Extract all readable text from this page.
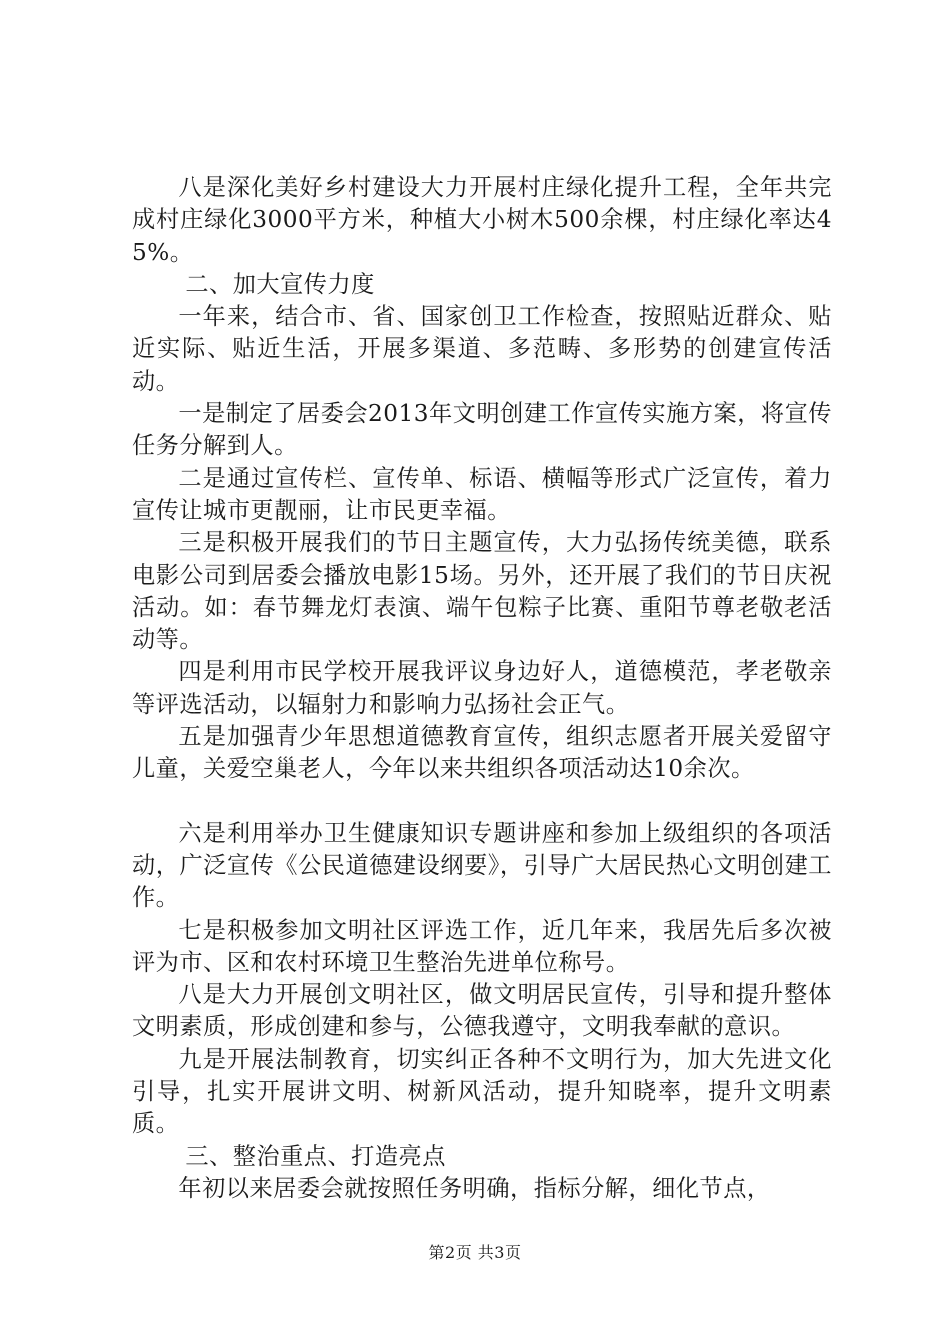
八是深化美好乡村建设大力开展村庄绿化提升工程，全年共完成村庄绿化3000平方米，种植大小树木500余棵，村庄绿化率达45%。

二、加大宣传力度

一年来，结合市、省、国家创卫工作检查，按照贴近群众、贴近实际、贴近生活，开展多渠道、多范畴、多形势的创建宣传活动。

一是制定了居委会2013年文明创建工作宣传实施方案，将宣传任务分解到人。

二是通过宣传栏、宣传单、标语、横幅等形式广泛宣传，着力宣传让城市更靓丽，让市民更幸福。

三是积极开展我们的节日主题宣传，大力弘扬传统美德，联系电影公司到居委会播放电影15场。另外，还开展了我们的节日庆祝活动。如：春节舞龙灯表演、端午包粽子比赛、重阳节尊老敬老活动等。

四是利用市民学校开展我评议身边好人，道德模范，孝老敬亲等评选活动，以辐射力和影响力弘扬社会正气。

五是加强青少年思想道德教育宣传，组织志愿者开展关爱留守儿童，关爱空巢老人，今年以来共组织各项活动达10余次。

六是利用举办卫生健康知识专题讲座和参加上级组织的各项活动，广泛宣传《公民道德建设纲要》，引导广大居民热心文明创建工作。

七是积极参加文明社区评选工作，近几年来，我居先后多次被评为市、区和农村环境卫生整治先进单位称号。

八是大力开展创文明社区，做文明居民宣传，引导和提升整体文明素质，形成创建和参与，公德我遵守，文明我奉献的意识。

九是开展法制教育，切实纠正各种不文明行为，加大先进文化引导，扎实开展讲文明、树新风活动，提升知晓率，提升文明素质。

三、整治重点、打造亮点

年初以来居委会就按照任务明确，指标分解，细化节点，

第2页 共3页
